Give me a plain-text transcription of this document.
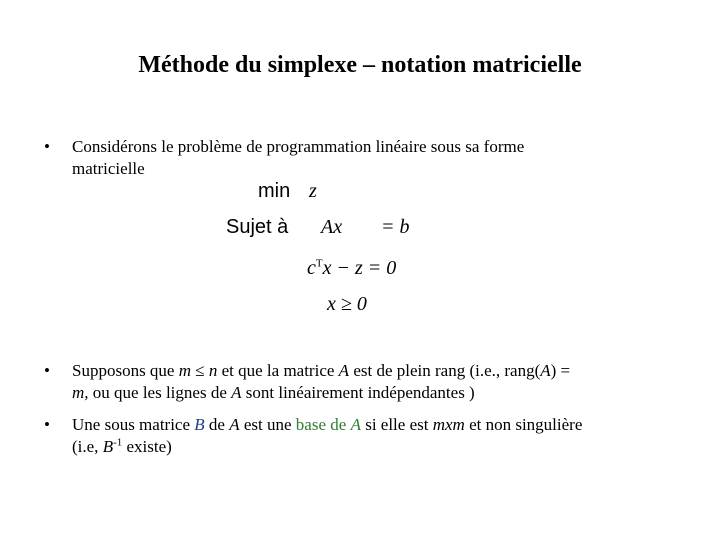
Méthode du simplexe – notation matricielle
• Considérons le problème de programmation linéaire sous sa forme
matricielle
min z
Sujet à Ax = b
$c^Tx - z = 0$
x ≥ 0
• Supposons que m ≤ n et que la matrice A est de plein rang (i.e., rang(A) =
m, ou que les lignes de A sont linéairement indépendantes )
• Une sous matrice B de A est une base de A si elle est mxm et non singulière
(i.e, $B^{-1}$ existe)
